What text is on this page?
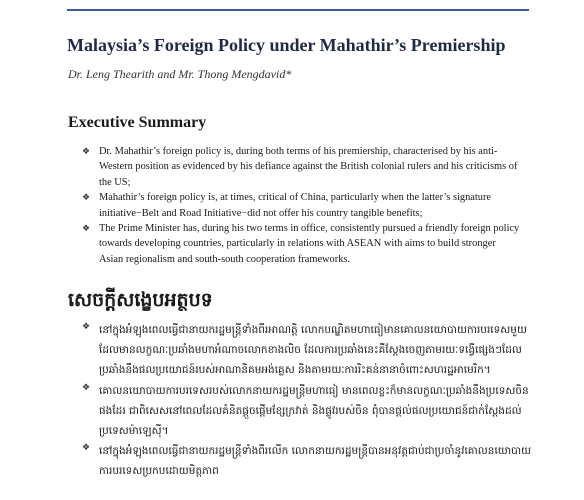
Malaysia’s Foreign Policy under Mahathir’s Premiership
Dr. Leng Thearith and Mr. Thong Mengdavid*
Executive Summary
❖ Dr. Mahathir’s foreign policy is, during both terms of his premiership, characterised by his anti-Western position as evidenced by his defiance against the British colonial rulers and his criticisms of the US;
❖ Mahathir’s foreign policy is, at times, critical of China, particularly when the latter’s signature initiative−Belt and Road Initiative−did not offer his country tangible benefits;
❖ The Prime Minister has, during his two terms in office, consistently pursued a friendly foreign policy towards developing countries, particularly in relations with ASEAN with aims to build stronger Asian regionalism and south-south cooperation frameworks.
សេចក្ដីសង្ខេបអត្ថបទ
❖ នៅក្នុងអំឡុងពេលធ្វើជានាយករដ្ឋមន្ត្រីទាំងពីរអាណត្តិ លោកបណ្ឌិតមហាធៀមានគោលនយោបាយការបរទេសមួយដែលមានលក្ខណៈប្រឆាំងមហាអំណាចលោកខាងលិច ដែលការប្រឆាំងនេះគឺស្ដែងចេញតាមរយៈទង្វើផ្សេងៗដែលប្រឆាំងនឹងផលប្រយោជន៍របស់អាណានិគមអង់គ្លេស និងតាមរយៈការរិះគន់នានាចំពោះសហរដ្ឋអាមេរិក។
❖ គោលនយោបាយការបរទេសរបស់លោកនាយករដ្ឋមន្ត្រីមហាធៀ មានពេលខ្លះក៏មានលក្ខណៈប្រឆាំងនឹងប្រទេសចិនផងដែរ ជាពិសេសនៅពេលដែលគំនិតផ្ដួចផ្ដើមខ្សែក្រវាត់ និងផ្លូវរបស់ចិន ពុំបានផ្ដល់ផលប្រយោជន៍ជាក់ស្ដែងដល់ប្រទេសម៉ាឡេស៊ី។
❖ នៅក្នុងអំឡុងពេលធ្វើជានាយករដ្ឋមន្ត្រីទាំងពីរលើក លោកនាយករដ្ឋមន្ត្រីបានអនុវត្តជាប់ជាប្រចាំនូវគោលនយោបាយការបរទេសប្រកបដោយមិត្តភាព
